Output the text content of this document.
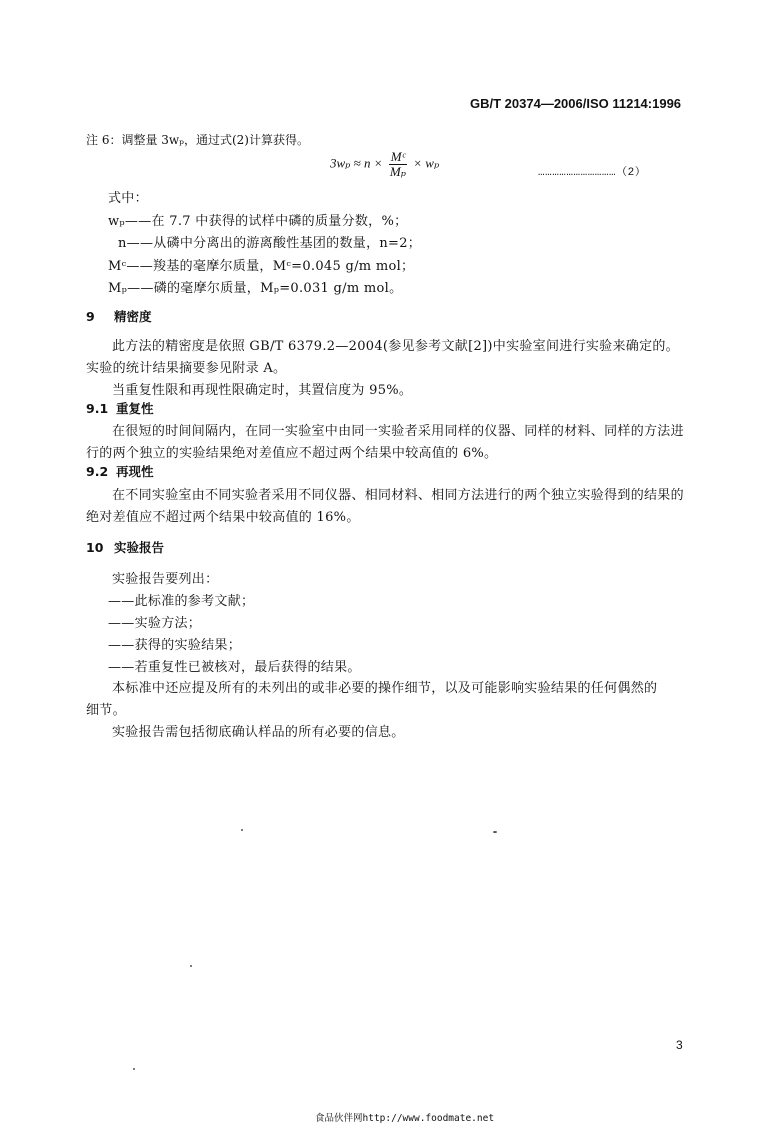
GB/T 20374—2006/ISO 11214:1996
注 6：调整量 3wₚ，通过式(2)计算获得。
$3w_p \approx n \times \frac{\text{Mᶜ}}{\text{Mₚ}} \times w_p$
……………………………（2）
式中：
wₚ——在 7.7 中获得的试样中磷的质量分数，%；
n——从磷中分离出的游离酸性基团的数量，n=2；
Mᶜ——羧基的毫摩尔质量，Mᶜ=0.045 g/m mol；
Mₚ——磷的毫摩尔质量，Mₚ=0.031 g/m mol。
9 精密度
此方法的精密度是依照 GB/T 6379.2—2004(参见参考文献[2])中实验室间进行实验来确定的。
实验的统计结果摘要参见附录 A。
当重复性限和再现性限确定时，其置信度为 95%。
9.1 重复性
在很短的时间间隔内，在同一实验室中由同一实验者采用同样的仪器、同样的材料、同样的方法进
行的两个独立的实验结果绝对差值应不超过两个结果中较高值的 6%。
9.2 再现性
在不同实验室由不同实验者采用不同仪器、相同材料、相同方法进行的两个独立实验得到的结果的
绝对差值应不超过两个结果中较高值的 16%。
10 实验报告
实验报告要列出：
——此标准的参考文献；
——实验方法；
——获得的实验结果；
——若重复性已被核对，最后获得的结果。
本标准中还应提及所有的未列出的或非必要的操作细节，以及可能影响实验结果的任何偶然的
细节。
实验报告需包括彻底确认样品的所有必要的信息。
3
食品伙伴网http://www.foodmate.net
